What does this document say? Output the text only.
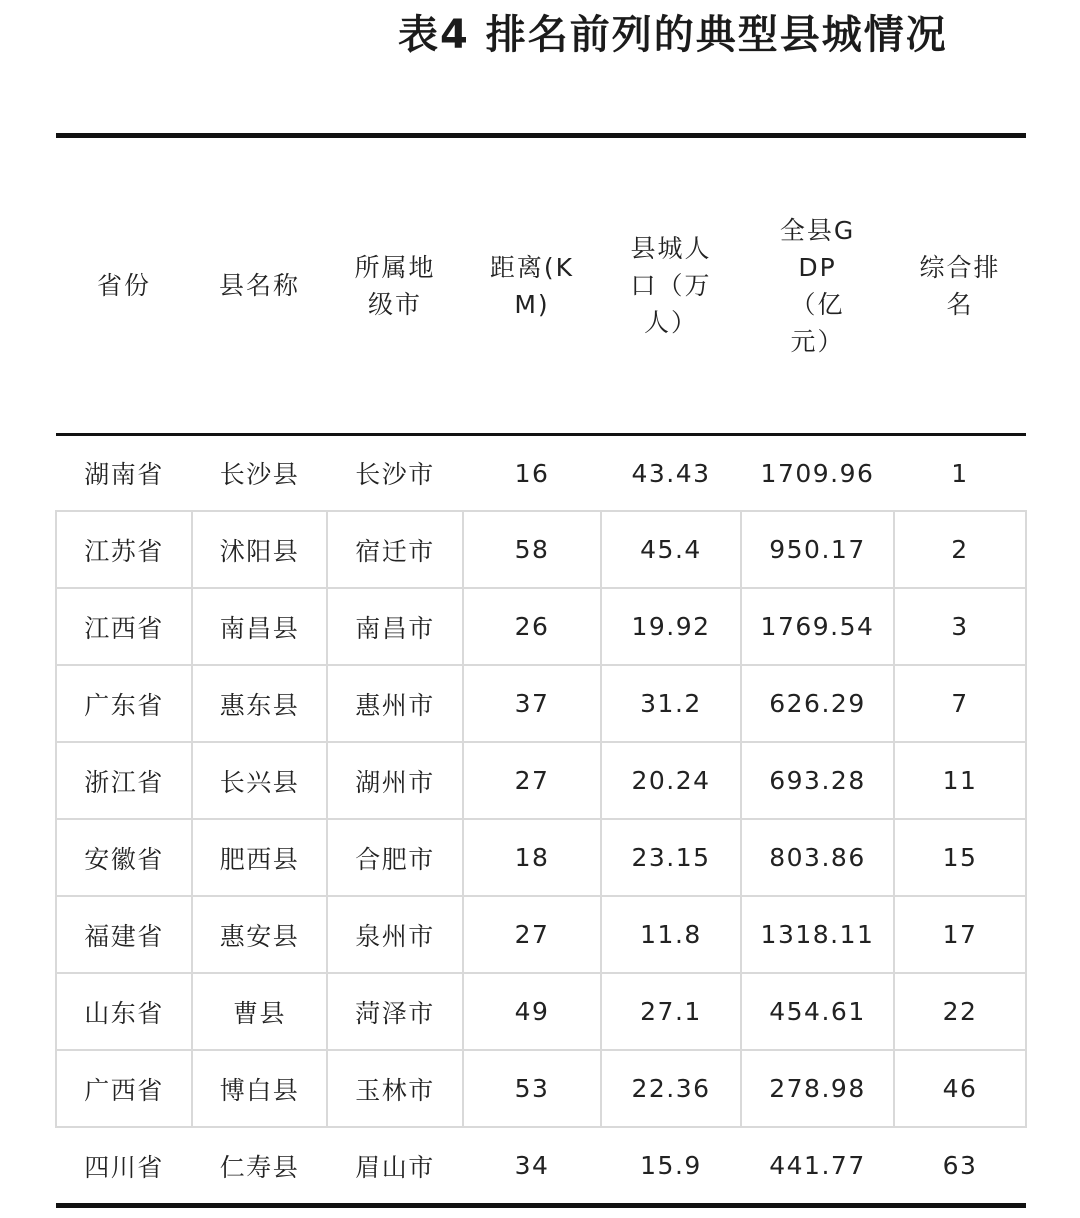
表4 排名前列的典型县城情况
省份	县名称	所属地级市	距离(KM)	县城人口（万人）	全县GDP（亿元）	综合排名
湖南省	长沙县	长沙市	16	43.43	1709.96	1
江苏省	沭阳县	宿迁市	58	45.4	950.17	2
江西省	南昌县	南昌市	26	19.92	1769.54	3
广东省	惠东县	惠州市	37	31.2	626.29	7
浙江省	长兴县	湖州市	27	20.24	693.28	11
安徽省	肥西县	合肥市	18	23.15	803.86	15
福建省	惠安县	泉州市	27	11.8	1318.11	17
山东省	曹县	菏泽市	49	27.1	454.61	22
广西省	博白县	玉林市	53	22.36	278.98	46
四川省	仁寿县	眉山市	34	15.9	441.77	63
